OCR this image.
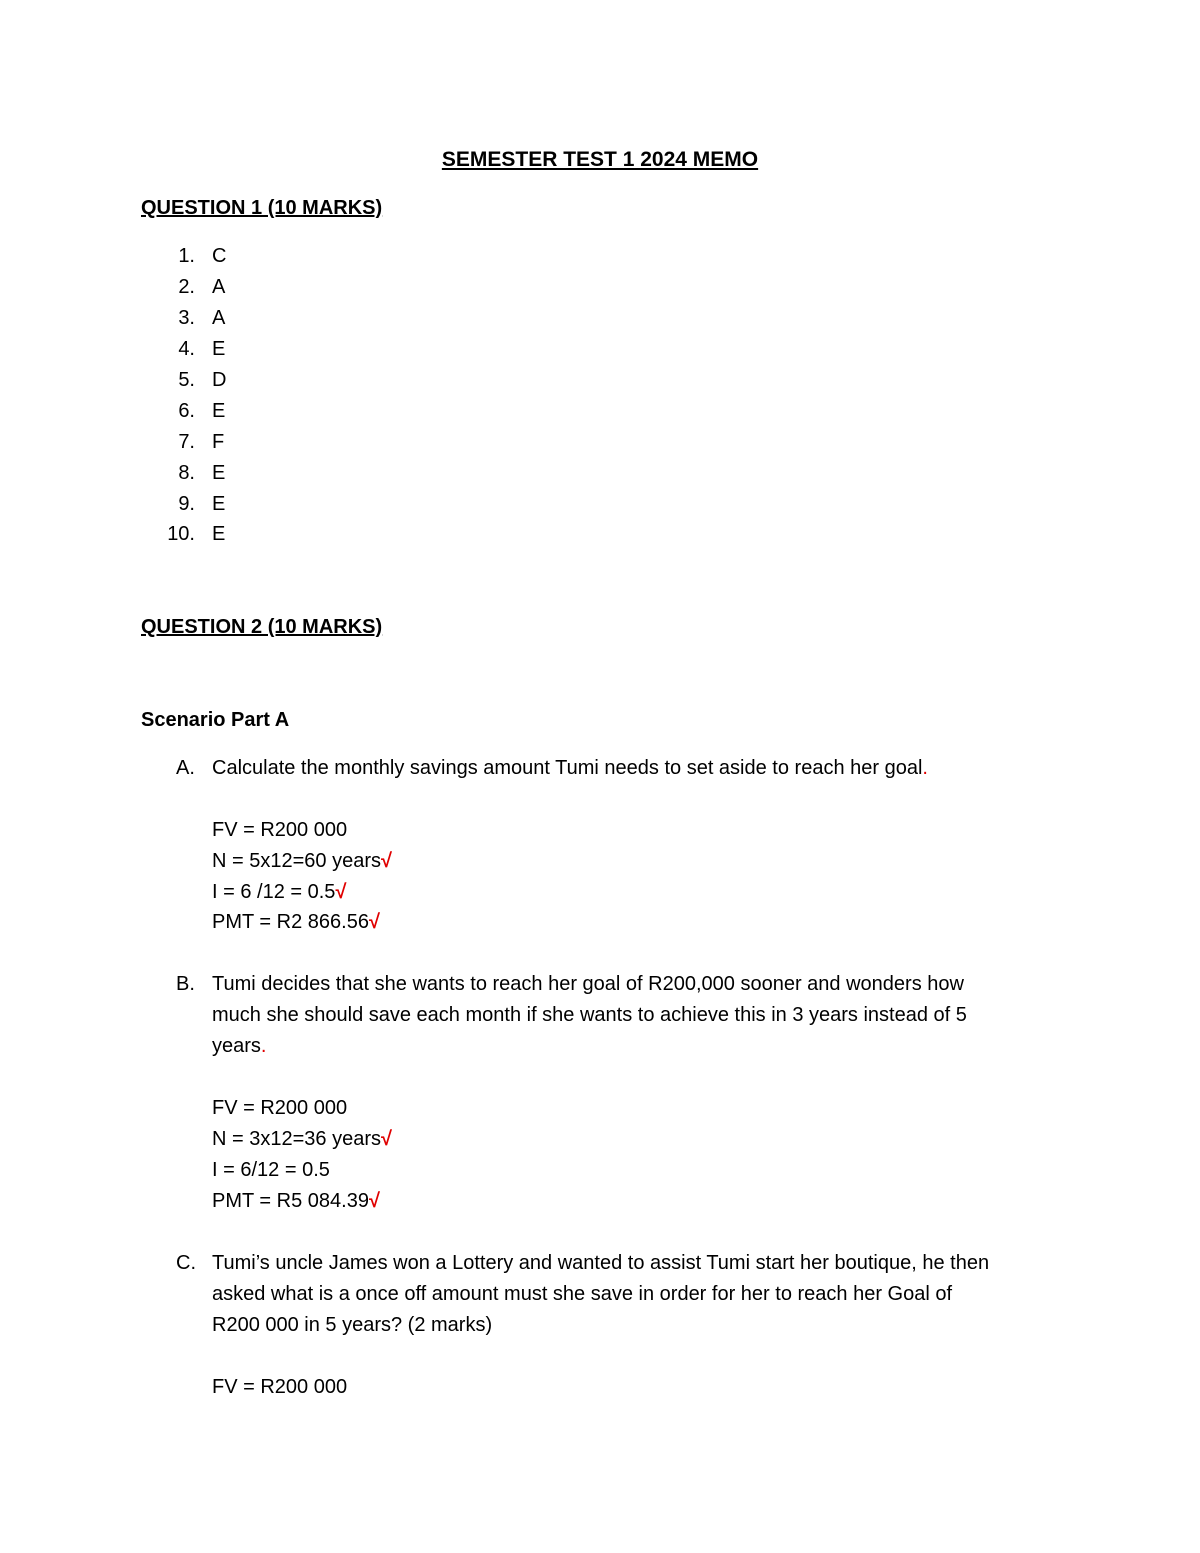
SEMESTER TEST 1 2024 MEMO
QUESTION 1 (10 MARKS)
1. C
2. A
3. A
4. E
5. D
6. E
7. F
8. E
9. E
10. E
QUESTION 2 (10 MARKS)
Scenario Part A
A. Calculate the monthly savings amount Tumi needs to set aside to reach her goal.
FV = R200 000
N = 5x12=60 years√
I = 6 /12 = 0.5√
PMT = R2 866.56√
B. Tumi decides that she wants to reach her goal of R200,000 sooner and wonders how
much she should save each month if she wants to achieve this in 3 years instead of 5
years.
FV = R200 000
N = 3x12=36 years√
I = 6/12 = 0.5
PMT = R5 084.39√
C. Tumi’s uncle James won a Lottery and wanted to assist Tumi start her boutique, he then
asked what is a once off amount must she save in order for her to reach her Goal of
R200 000 in 5 years? (2 marks)
FV = R200 000
